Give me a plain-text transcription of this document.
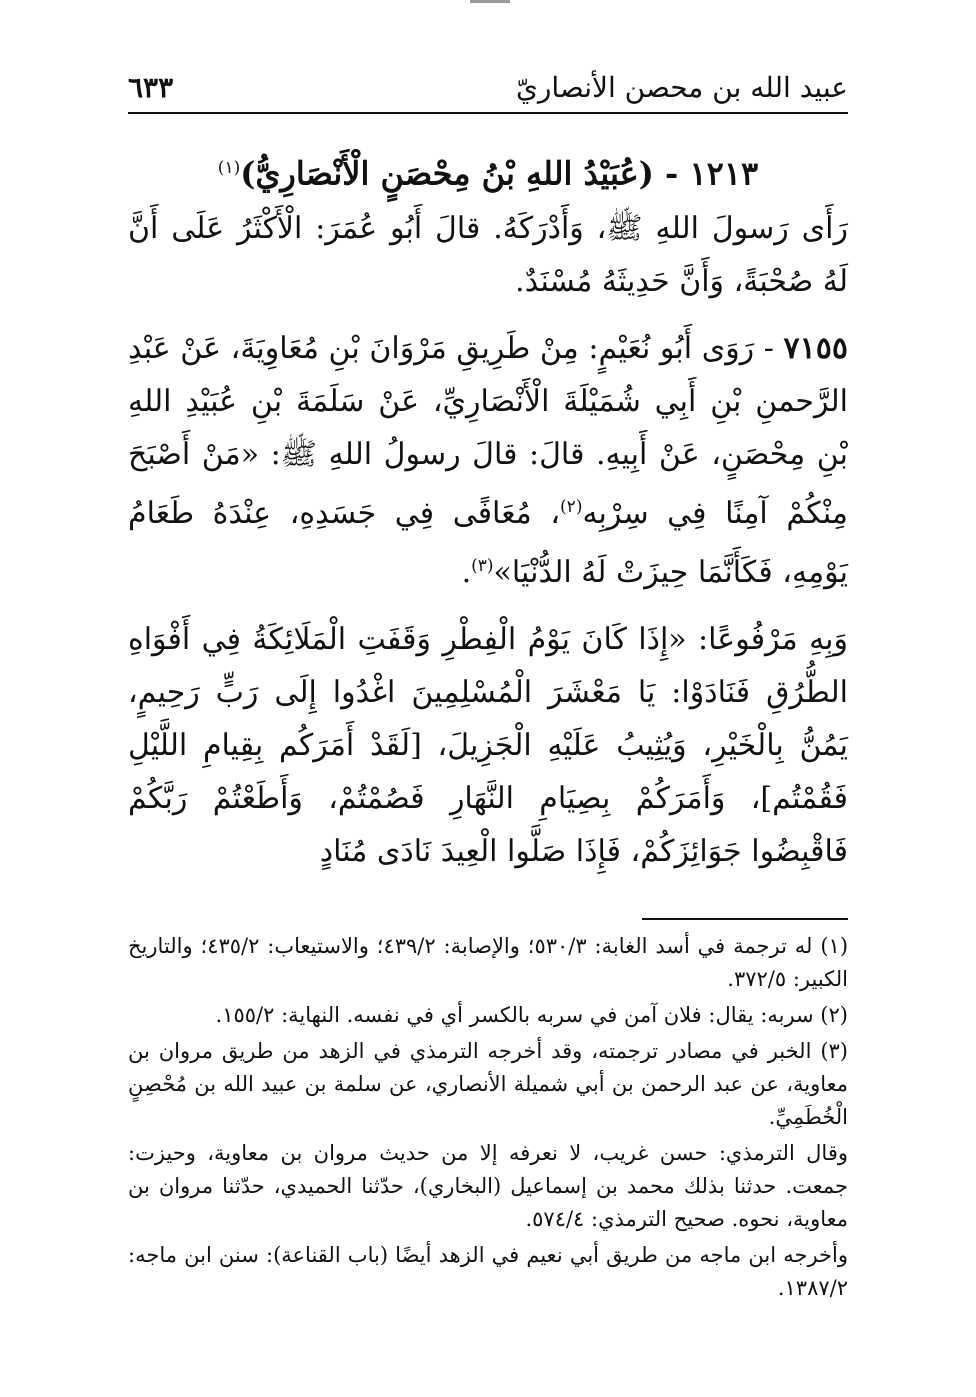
عبيد الله بن محصن الأنصاريّ
٦٣٣

١٢١٣ - (عُبَيْدُ اللهِ بْنُ مِحْصَنٍ الْأَنْصَارِيُّ)$^{(١)}$

رَأَى رَسولَ اللهِ ﷺ، وَأَدْرَكَهُ. قالَ أَبُو عُمَرَ: الْأَكْثَرُ عَلَى أَنَّ لَهُ صُحْبَةً، وَأَنَّ حَدِيثَهُ مُسْنَدٌ.

٧١٥٥ - رَوَى أَبُو نُعَيْمٍ: مِنْ طَرِيقِ مَرْوَانَ بْنِ مُعَاوِيَةَ، عَنْ عَبْدِ الرَّحمنِ بْنِ أَبِي شُمَيْلَةَ الْأَنْصَارِيِّ، عَنْ سَلَمَةَ بْنِ عُبَيْدِ اللهِ بْنِ مِحْصَنٍ، عَنْ أَبِيهِ. قالَ: قالَ رسولُ اللهِ ﷺ: «مَنْ أَصْبَحَ مِنْكُمْ آمِنًا فِي سِرْبِه$^{(٢)}$، مُعَافًى فِي جَسَدِهِ، عِنْدَهُ طَعَامُ يَوْمِهِ، فَكَأَنَّمَا حِيزَتْ لَهُ الدُّنْيَا»$^{(٣)}$.

وَبِهِ مَرْفُوعًا: «إِذَا كَانَ يَوْمُ الْفِطْرِ وَقَفَتِ الْمَلَائِكَةُ فِي أَفْوَاهِ الطُّرُقِ فَنَادَوْا: يَا مَعْشَرَ الْمُسْلِمِينَ اغْدُوا إِلَى رَبٍّ رَحِيمٍ، يَمُنُّ بِالْخَيْرِ، وَيُثِيبُ عَلَيْهِ الْجَزِيلَ، [لَقَدْ أَمَرَكُم بِقِيامِ اللَّيْلِ فَقُمْتُم]، وَأَمَرَكُمْ بِصِيَامِ النَّهَارِ فَصُمْتُمْ، وَأَطَعْتُمْ رَبَّكُمْ فَاقْبِضُوا جَوَائِزَكُمْ، فَإِذَا صَلَّوا الْعِيدَ نَادَى مُنَادٍ

(١) له ترجمة في أسد الغابة: ٥٣٠/٣؛ والإصابة: ٤٣٩/٢؛ والاستيعاب: ٤٣٥/٢؛ والتاريخ الكبير: ٣٧٢/٥.

(٢) سربه: يقال: فلان آمن في سربه بالكسر أي في نفسه. النهاية: ١٥٥/٢.

(٣) الخبر في مصادر ترجمته، وقد أخرجه الترمذي في الزهد من طريق مروان بن معاوية، عن عبد الرحمن بن أبي شميلة الأنصاري، عن سلمة بن عبيد الله بن مُحْصِنٍ الْخُطَمِيِّ.

وقال الترمذي: حسن غريب، لا نعرفه إلا من حديث مروان بن معاوية، وحيزت: جمعت. حدثنا بذلك محمد بن إسماعيل (البخاري)، حدّثنا الحميدي، حدّثنا مروان بن معاوية، نحوه. صحيح الترمذي: ٥٧٤/٤.

وأخرجه ابن ماجه من طريق أبي نعيم في الزهد أيضًا (باب القناعة): سنن ابن ماجه: ١٣٨٧/٢.
